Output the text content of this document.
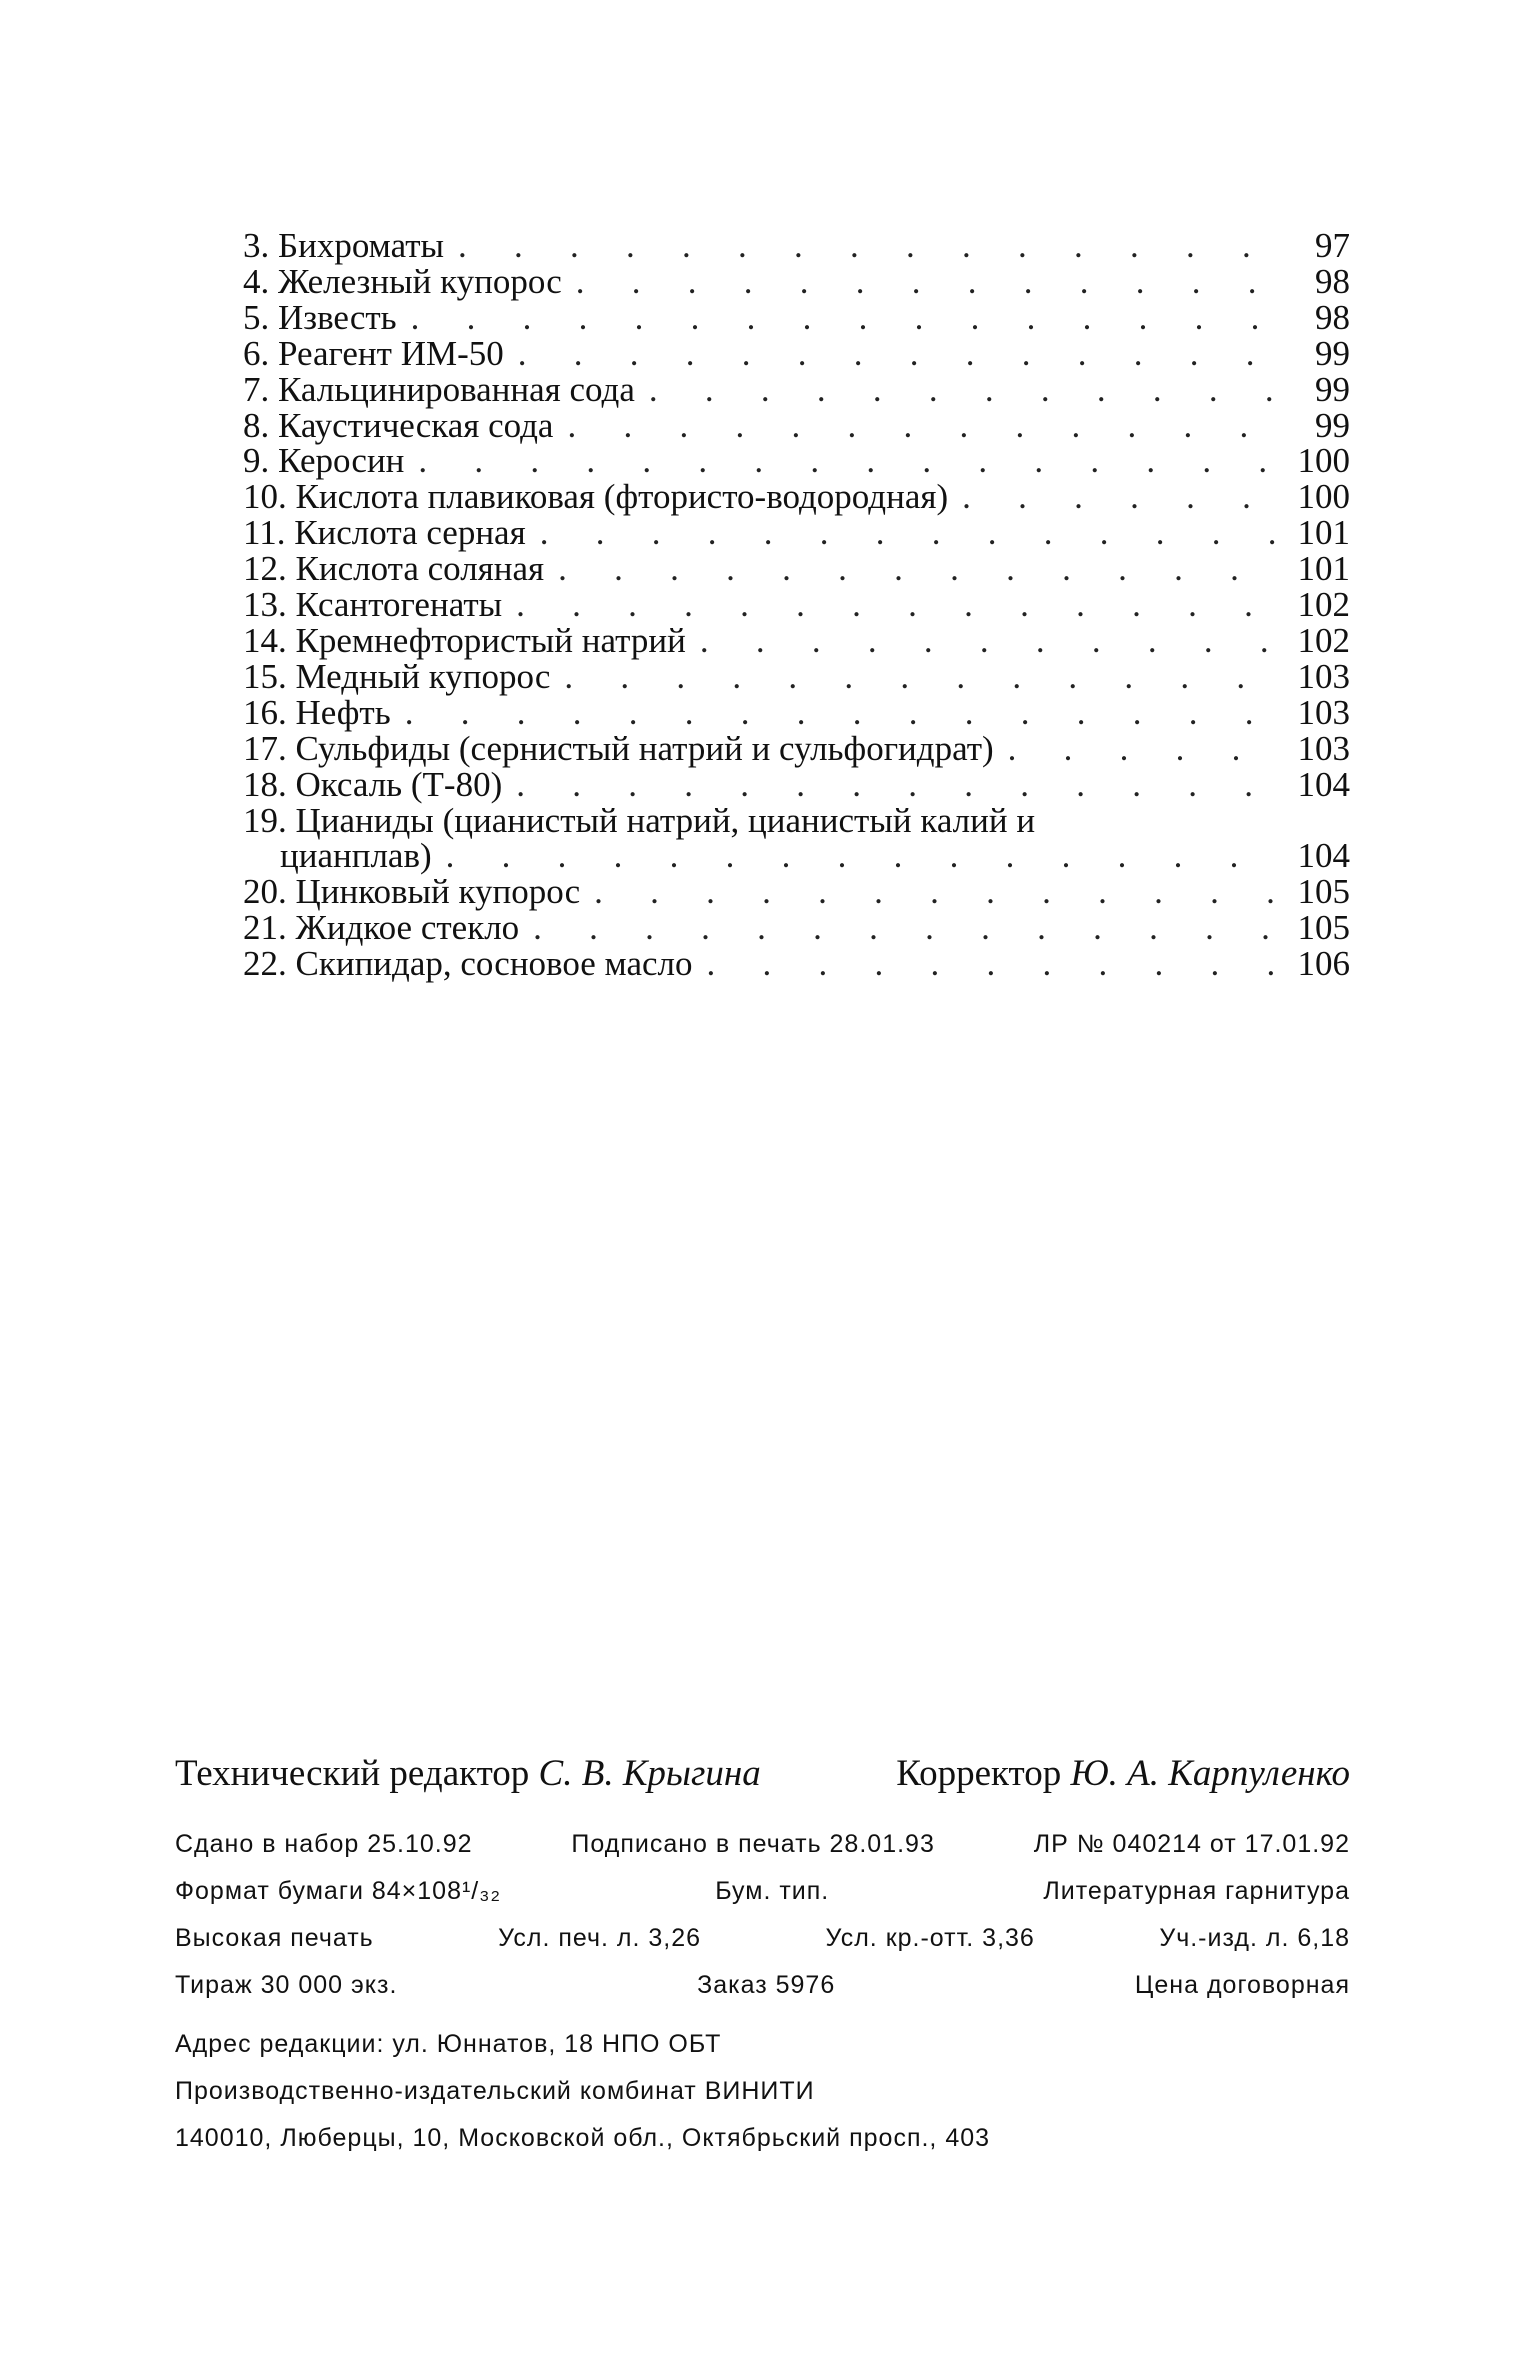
3. Бихроматы . . .	97
4. Железный купорос . . .	98
5. Известь . . .	98
6. Реагент ИМ-50 . . .	99
7. Кальцинированная сода . . .	99
8. Каустическая сода . . .	99
9. Керосин . . .	100
10. Кислота плавиковая (фтористо-водородная) . . .	100
11. Кислота серная . . .	101
12. Кислота соляная . . .	101
13. Ксантогенаты . . .	102
14. Кремнефтористый натрий . . .	102
15. Медный купорос . . .	103
16. Нефть . . .	103
17. Сульфиды (сернистый натрий и сульфогидрат) . . .	103
18. Оксаль (Т-80) . . .	104
19. Цианиды (цианистый натрий, цианистый калий и
цианплав) . . .	104
20. Цинковый купорос . . .	105
21. Жидкое стекло . . .	105
22. Скипидар, сосновое масло . . .	106
Технический редактор С. В. Крыгина	Корректор Ю. А. Карпуленко
Сдано в набор 25.10.92	Подписано в печать 28.01.93	ЛР № 040214 от 17.01.92
Формат бумаги 84×108¹/₃₂	Бум. тип.	Литературная гарнитура
Высокая печать	Усл. печ. л. 3,26	Усл. кр.-отт. 3,36	Уч.-изд. л. 6,18
Тираж 30 000 экз.	Заказ 5976	Цена договорная
Адрес редакции: ул. Юннатов, 18 НПО ОБТ
Производственно-издательский комбинат ВИНИТИ
140010, Люберцы, 10, Московской обл., Октябрьский просп., 403
